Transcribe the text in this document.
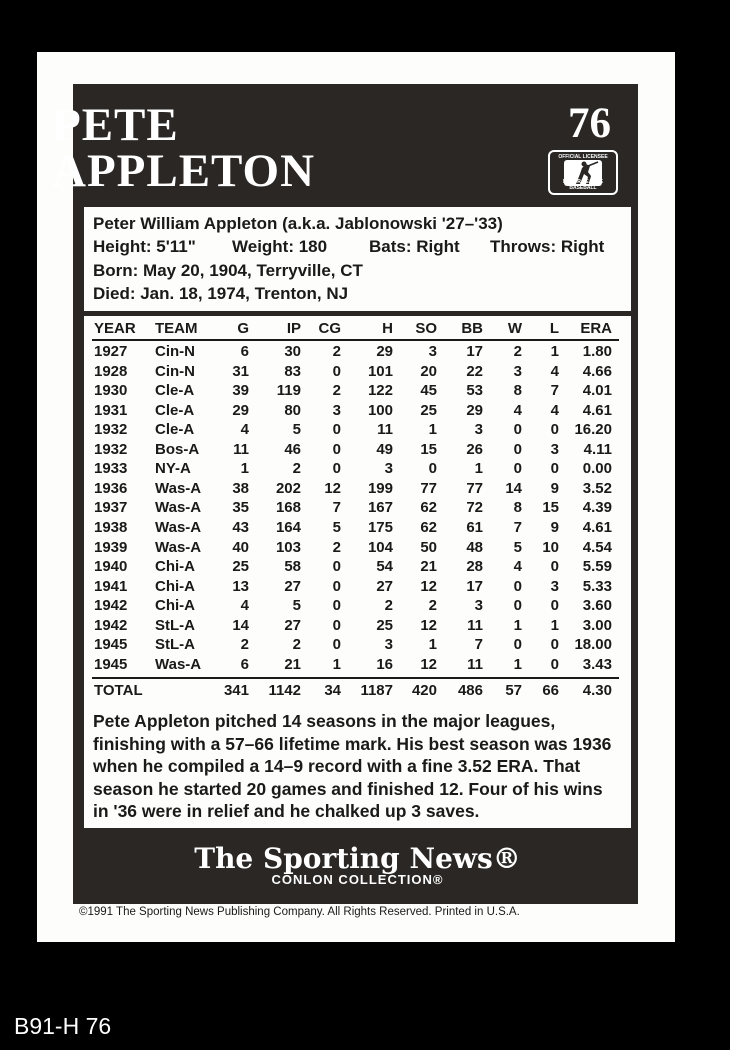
PETE
APPLETON
76
OFFICIAL LICENSEE
MAJOR LEAGUE BASEBALL
Peter William Appleton (a.k.a. Jablonowski '27–'33)
Height: 5'11" Weight: 180 Bats: Right Throws: Right
Born: May 20, 1904, Terryville, CT
Died: Jan. 18, 1974, Trenton, NJ
YEAR TEAM	G	IP CG	H SO BB W L ERA
1927 Cin-N	6 30 2 29 3 17 2 1 1.80
1928 Cin-N 31 83 0 101 20 22 3 4 4.66
1930 Cle-A	39 119 2 122 45 53 8 7 4.01
1931 Cle-A	29 80 3 100 25 29 4 4 4.61
1932 Cle-A	4	5 0 11 1	3 0 0 16.20
1932 Bos-A 11 46 0 49 15 26 0 3 4.11
1933 NY-A	1	2 0	3 0	1 0 0 0.00
1936 Was-A 38 202 12 199 77 77 14 9 3.52
1937 Was-A 35 168 7 167 62 72 8 15 4.39
1938 Was-A 43 164 5 175 62 61 7 9 4.61
1939 Was-A 40 103 2 104 50 48 5 10 4.54
1940 Chi-A 25 58 0 54 21 28 4 0 5.59
1941 Chi-A 13 27 0 27 12 17 0 3 5.33
1942 Chi-A	4	5 0	2 2	3 0 0 3.60
1942 StL-A 14 27 0 25 12 11 1 1 3.00
1945 StL-A	2	2 0	3 1	7 0 0 18.00
1945 Was-A	6 21 1 16 12 11 1 0 3.43
TOTAL	341 1142 34 1187 420 486 57 66 4.30
Pete Appleton pitched 14 seasons in the major leagues, finishing with a 57–66 lifetime mark. His best season was 1936 when he compiled a 14–9 record with a fine 3.52 ERA. That season he started 20 games and finished 12. Four of his wins in '36 were in relief and he chalked up 3 saves.
The Sporting News®
CONLON COLLECTION®
©1991 The Sporting News Publishing Company. All Rights Reserved. Printed in U.S.A.
B91-H 76
